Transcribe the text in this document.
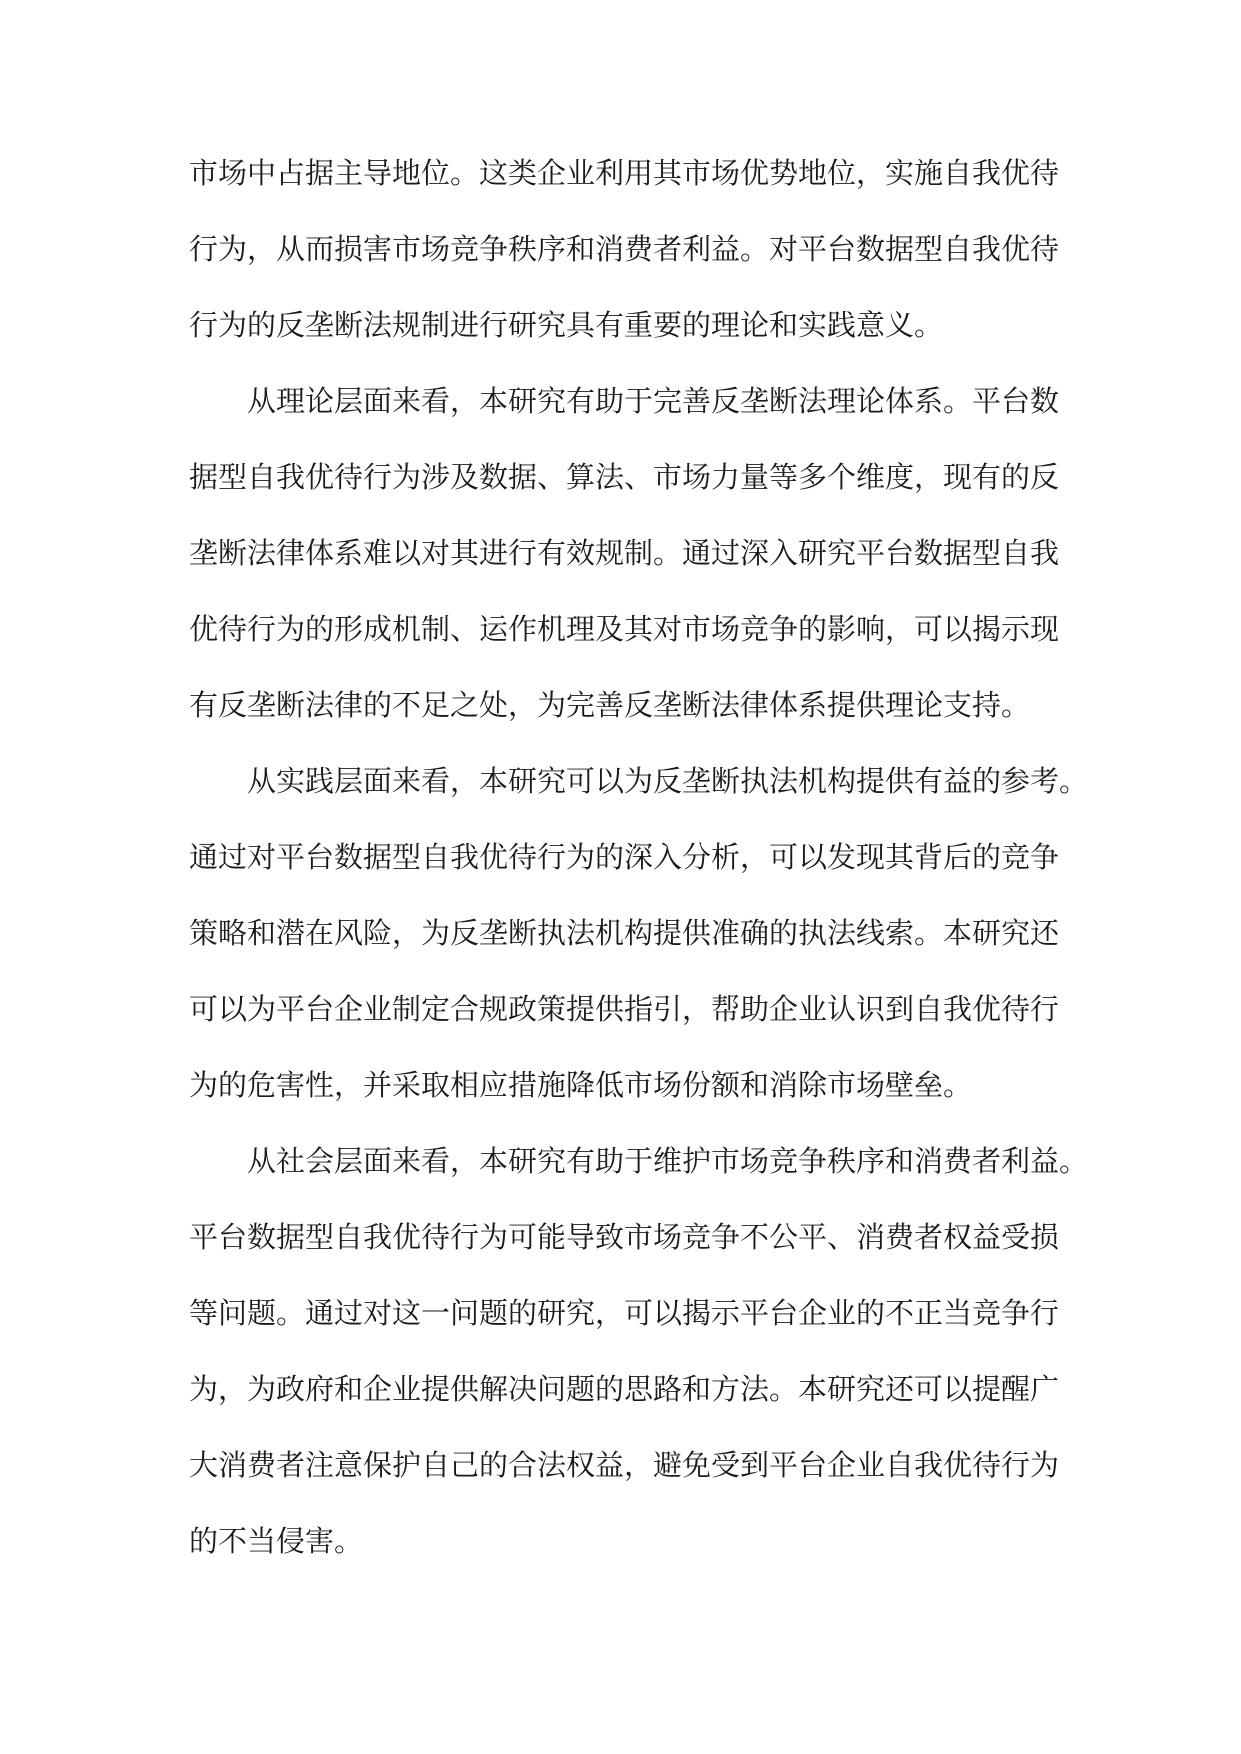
市场中占据主导地位。这类企业利用其市场优势地位，实施自我优待
行为，从而损害市场竞争秩序和消费者利益。对平台数据型自我优待
行为的反垄断法规制进行研究具有重要的理论和实践意义。
从理论层面来看，本研究有助于完善反垄断法理论体系。平台数
据型自我优待行为涉及数据、算法、市场力量等多个维度，现有的反
垄断法律体系难以对其进行有效规制。通过深入研究平台数据型自我
优待行为的形成机制、运作机理及其对市场竞争的影响，可以揭示现
有反垄断法律的不足之处，为完善反垄断法律体系提供理论支持。
从实践层面来看，本研究可以为反垄断执法机构提供有益的参考。
通过对平台数据型自我优待行为的深入分析，可以发现其背后的竞争
策略和潜在风险，为反垄断执法机构提供准确的执法线索。本研究还
可以为平台企业制定合规政策提供指引，帮助企业认识到自我优待行
为的危害性，并采取相应措施降低市场份额和消除市场壁垒。
从社会层面来看，本研究有助于维护市场竞争秩序和消费者利益。
平台数据型自我优待行为可能导致市场竞争不公平、消费者权益受损
等问题。通过对这一问题的研究，可以揭示平台企业的不正当竞争行
为，为政府和企业提供解决问题的思路和方法。本研究还可以提醒广
大消费者注意保护自己的合法权益，避免受到平台企业自我优待行为
的不当侵害。
